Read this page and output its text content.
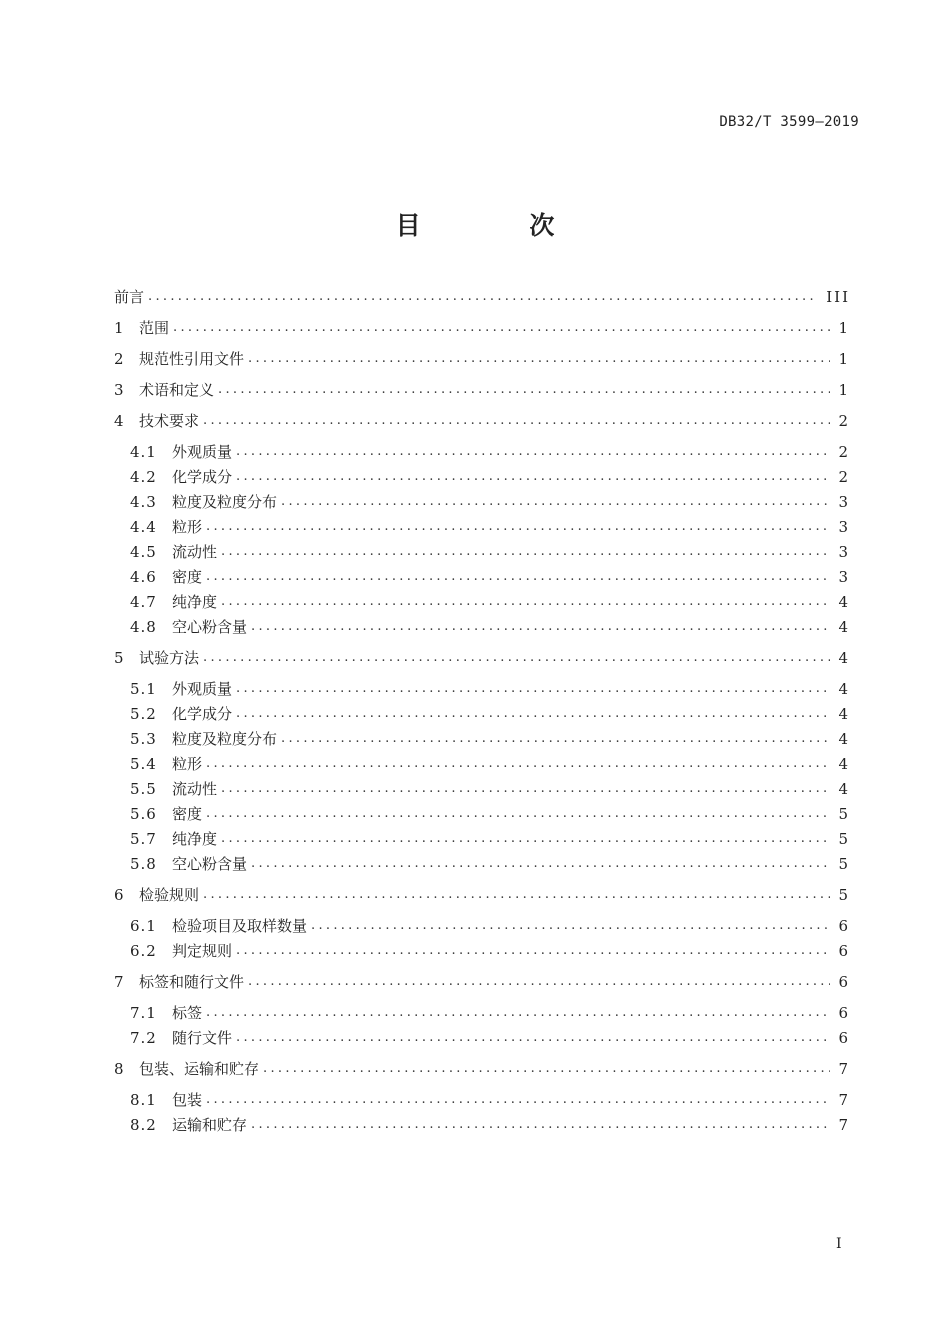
DB32/T 3599—2019
目 次
前言 .....	III
1 范围 .....	1
2 规范性引用文件 .....	1
3 术语和定义 .....	1
4 技术要求 .....	2
4.1	外观质量 .....	2
4.2	化学成分 .....	2
4.3	粒度及粒度分布 .....	3
4.4	粒形 .....	3
4.5	流动性 .....	3
4.6	密度 .....	3
4.7	纯净度 .....	4
4.8	空心粉含量 .....	4
5 试验方法 .....	4
5.1	外观质量 .....	4
5.2	化学成分 .....	4
5.3	粒度及粒度分布 .....	4
5.4	粒形 .....	4
5.5	流动性 .....	4
5.6	密度 .....	5
5.7	纯净度 .....	5
5.8	空心粉含量 .....	5
6 检验规则 .....	5
6.1	检验项目及取样数量 .....	6
6.2	判定规则 .....	6
7 标签和随行文件 .....	6
7.1	标签 .....	6
7.2	随行文件 .....	6
8 包装、运输和贮存 .....	7
8.1	包装 .....	7
8.2	运输和贮存 .....	7
I
